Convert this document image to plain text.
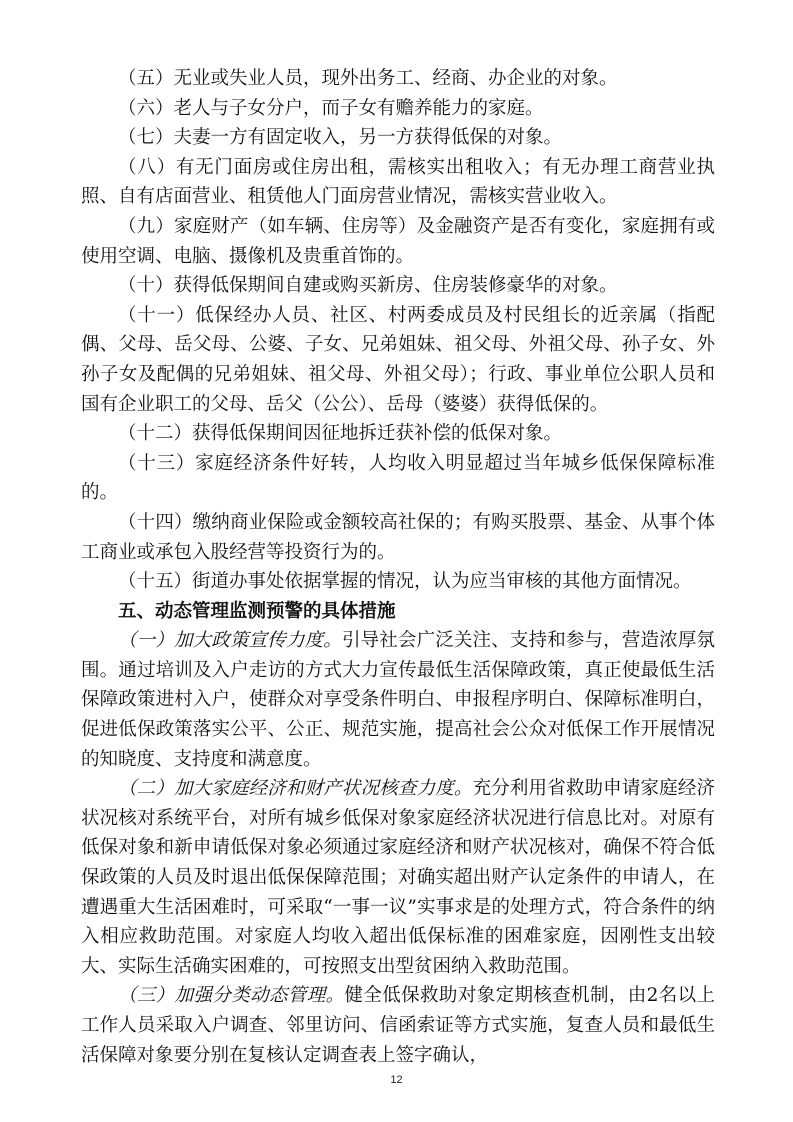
（五）无业或失业人员，现外出务工、经商、办企业的对象。

（六）老人与子女分户，而子女有赡养能力的家庭。

（七）夫妻一方有固定收入，另一方获得低保的对象。

（八）有无门面房或住房出租，需核实出租收入；有无办理工商营业执照、自有店面营业、租赁他人门面房营业情况，需核实营业收入。

（九）家庭财产（如车辆、住房等）及金融资产是否有变化，家庭拥有或使用空调、电脑、摄像机及贵重首饰的。

（十）获得低保期间自建或购买新房、住房装修豪华的对象。

（十一）低保经办人员、社区、村两委成员及村民组长的近亲属（指配偶、父母、岳父母、公婆、子女、兄弟姐妹、祖父母、外祖父母、孙子女、外孙子女及配偶的兄弟姐妹、祖父母、外祖父母）；行政、事业单位公职人员和国有企业职工的父母、岳父（公公）、岳母（婆婆）获得低保的。

（十二）获得低保期间因征地拆迁获补偿的低保对象。

（十三）家庭经济条件好转，人均收入明显超过当年城乡低保保障标准的。

（十四）缴纳商业保险或金额较高社保的；有购买股票、基金、从事个体工商业或承包入股经营等投资行为的。

（十五）街道办事处依据掌握的情况，认为应当审核的其他方面情况。

五、动态管理监测预警的具体措施

（一）加大政策宣传力度。引导社会广泛关注、支持和参与，营造浓厚氛围。通过培训及入户走访的方式大力宣传最低生活保障政策，真正使最低生活保障政策进村入户，使群众对享受条件明白、申报程序明白、保障标准明白，促进低保政策落实公平、公正、规范实施，提高社会公众对低保工作开展情况的知晓度、支持度和满意度。

（二）加大家庭经济和财产状况核查力度。充分利用省救助申请家庭经济状况核对系统平台，对所有城乡低保对象家庭经济状况进行信息比对。对原有低保对象和新申请低保对象必须通过家庭经济和财产状况核对，确保不符合低保政策的人员及时退出低保保障范围；对确实超出财产认定条件的申请人，在遭遇重大生活困难时，可采取“一事一议”实事求是的处理方式，符合条件的纳入相应救助范围。对家庭人均收入超出低保标准的困难家庭，因刚性支出较大、实际生活确实困难的，可按照支出型贫困纳入救助范围。

（三）加强分类动态管理。健全低保救助对象定期核查机制，由2名以上工作人员采取入户调查、邻里访问、信函索证等方式实施，复查人员和最低生活保障对象要分别在复核认定调查表上签字确认，

12
